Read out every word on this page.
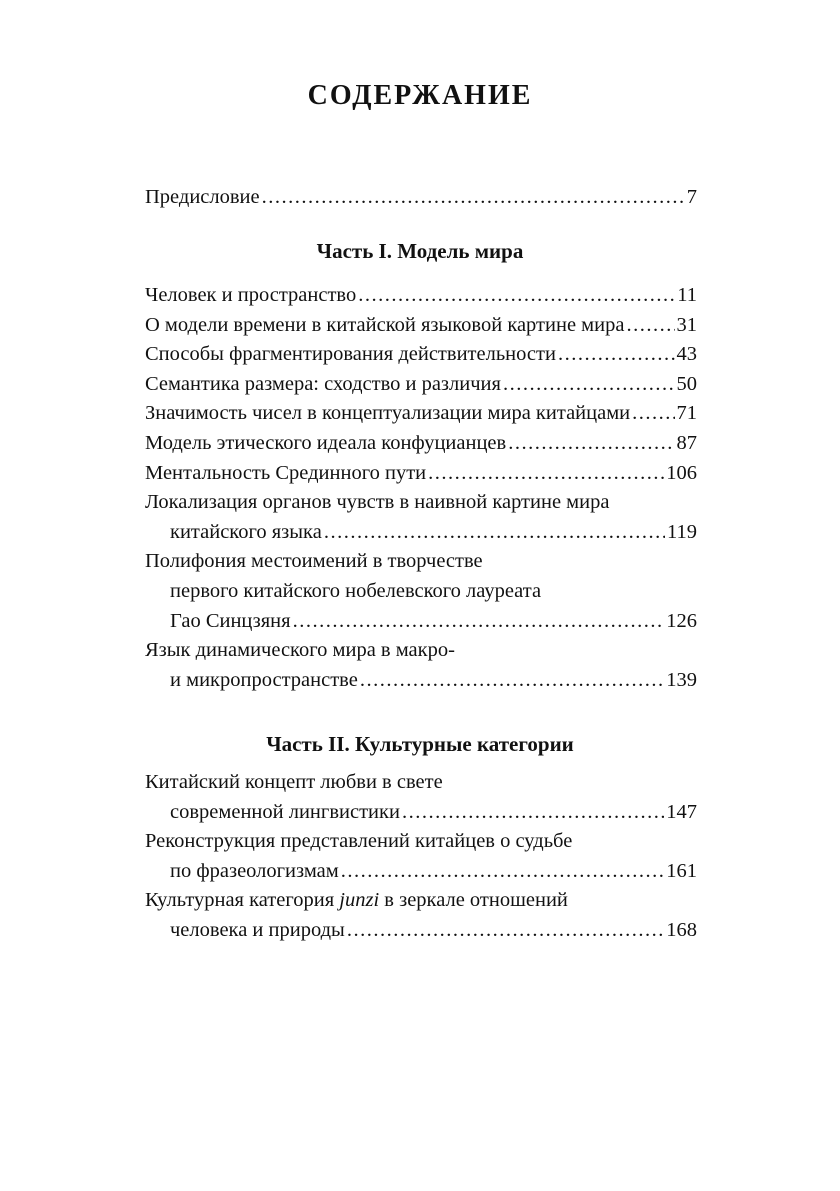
СОДЕРЖАНИЕ
Предисловие .....	7
Часть I. Модель мира
Человек и пространство .....	11
О модели времени в китайской языковой картине мира .....	31
Способы фрагментирования действительности .....	43
Семантика размера: сходство и различия .....	50
Значимость чисел в концептуализации мира китайцами ..... 71
Модель этического идеала конфуцианцев .....	87
Ментальность Срединного пути .....	106
Локализация органов чувств в наивной картине мира
китайского языка .....	119
Полифония местоимений в творчестве
первого китайского нобелевского лауреата
Гао Синцзяня .....	126
Язык динамического мира в макро-
и микропространстве .....	139
Часть II. Культурные категории
Китайский концепт любви в свете
современной лингвистики .....	147
Реконструкция представлений китайцев о судьбе
по фразеологизмам .....	161
Культурная категория junzi в зеркале отношений
человека и природы .....	168
